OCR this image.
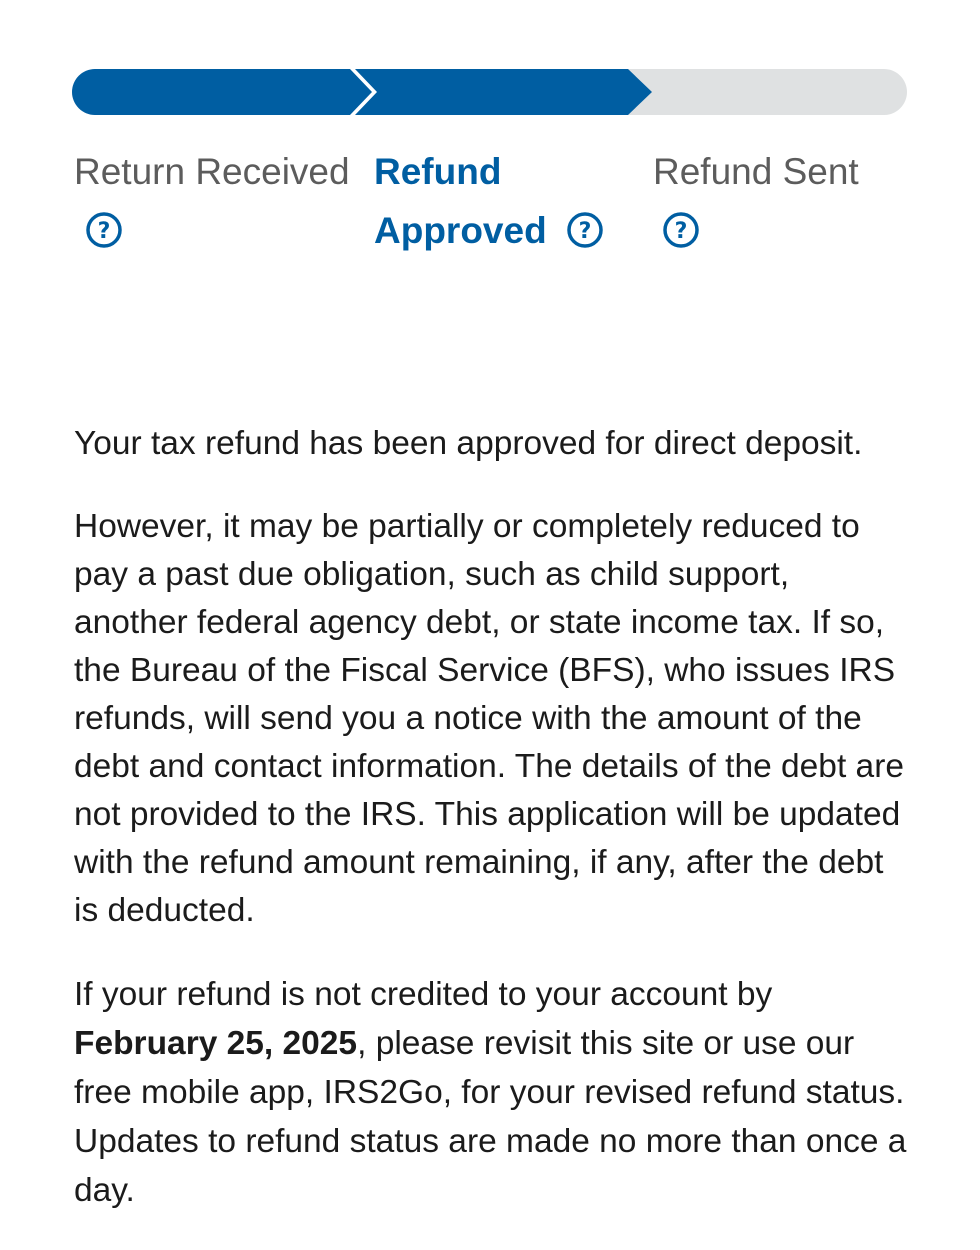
Return Received

?
Refund Approved ?
Refund Sent

?

Your tax refund has been approved for direct deposit.

However, it may be partially or completely reduced to pay a past due obligation, such as child support, another federal agency debt, or state income tax. If so, the Bureau of the Fiscal Service (BFS), who issues IRS refunds, will send you a notice with the amount of the debt and contact information. The details of the debt are not provided to the IRS. This application will be updated with the refund amount remaining, if any, after the debt is deducted.

If your refund is not credited to your account by February 25, 2025, please revisit this site or use our free mobile app, IRS2Go, for your revised refund status. Updates to refund status are made no more than once a day.
